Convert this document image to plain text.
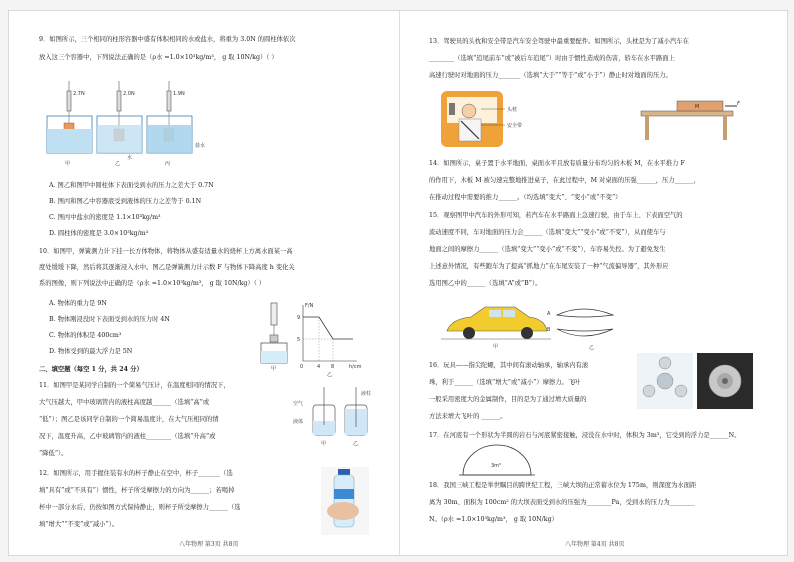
9．如图所示，三个相同的柱形容器中盛有体积相同的水或盐水，将重为 3.0N 的圆柱体依次
放入这三个容器中，下列说法正确的是（ρ水 =1.0×10³kg/m³， g 取 10N/kg）（ ）
2.7N	2.0N	1.9N
水
盐水
甲	乙	丙
A. 图乙和图甲中圆柱体下表面受到水的压力之差大于 0.7N
B. 图丙和图乙中容器底受到液体的压力之差等于 0.1N
C. 图丙中盐水的密度是 1.1×10³kg/m³
D. 圆柱体的密度是 3.0×10³kg/m³
10．如图甲，弹簧测力计下挂一长方体物体，将物体从盛有适量水的烧杯上方离水面某一高
度处缓缓下降，然后将其逐渐浸入水中。图乙是弹簧测力计示数 F 与物体下降高度 h 变化关
系的图像，则下列说法中正确的是（ρ水 =1.0×10³kg/m³， g 取 10N/kg）（ ）
A. 物体的重力是 9N
B. 物体刚浸没时下表面受到水的压力时 4N
C. 物体的体积是 400cm³
D. 物体受到的最大浮力是 5N
甲
F/N
h/cm
9
5
0	4 8
乙
二、填空题（每空 1 分，共 24 分）
11．如图甲是某同学自制的一个简易气压计，在温度相同的情况下，
大气压越大，甲中玻璃管内的液柱高度越______（选填“高”或
“低”）；图乙是该同学自制的一个简易温度计，在大气压相同的情
况下，温度升高，乙中玻璃管内的液柱________（选填“升高”或
“降低”）。
空气
液体
液柱
甲	乙
12．如图所示，用手握住装有水的杯子静止在空中，杯子_______（选
填“具有”或“不具有”）惯性，杯子所受摩擦力的方向为______；若喝掉
杯中一部分水后，仍按如图方式保持静止，则杯子所受摩擦力______（选
填“增大”“不变”或“减小”）。
八年物理 第3页 共8页
13．驾驶员的头枕和安全带是汽车安全驾驶中最重要配件。如图所示，头枕是为了减小汽车在
________（选填“追尾前车”或“被后车追尾”）时由于惯性造成的伤害，轿车在水平路面上
高速行驶时对地面的压力_______（选填“大于”“等于”或“小于”）静止时对地面的压力。
头枕
安全带
M	F
14．如图所示，桌子置于水平地面，桌面水平且放有质量分布均匀的木板 M，在水平推力 F
的作用下，木板 M 被匀速完整地推进桌子，在此过程中，M 对桌面的压强______，压力______，
在推动过程中需要的推力______。（均选填“变大”、“变小”或“不变”）
15．观察图甲中汽车的外形可知，若汽车在水平路面上急速行驶，由于车上、下表面空气的
流动速度不同，车对地面的压力会______（选填“变大”“变小”或“不变”），从而使车与
地面之间的摩擦力______（选填“变大”“变小”或“不变”），车容易失控。为了避免发生
上述意外情况，有些跑车为了提高“抓地力”在车尾安装了一种“气流偏导器”，其外形应
选用图乙中的______（选填“A”或“B”）。
甲
A
B
乙
16．玩具——指尖陀螺，其中间有滚动轴承，轴承内有滚
珠，利于______（选填“增大”或“减小”）摩擦力。飞叶
一般采用密度大的金属制作，目的是为了通过增大质量的
方法来增大飞叶的 ______。
17．在河底有一个形状为半圆的岩石与河底紧密接触，浸没在水中时，体积为 3m³，它受到的浮力是______N。
3m³
18．我国三峡工程是举世瞩目的跨世纪工程，三峡大坝的正常蓄水位为 175m，则深度为水面距
离为 30m、面积为 100cm² 的大坝表面受到水的压强为________Pa，受到水的压力为________
N。（ρ水 =1.0×10³kg/m³， g 取 10N/kg）
八年物理 第4页 共8页
